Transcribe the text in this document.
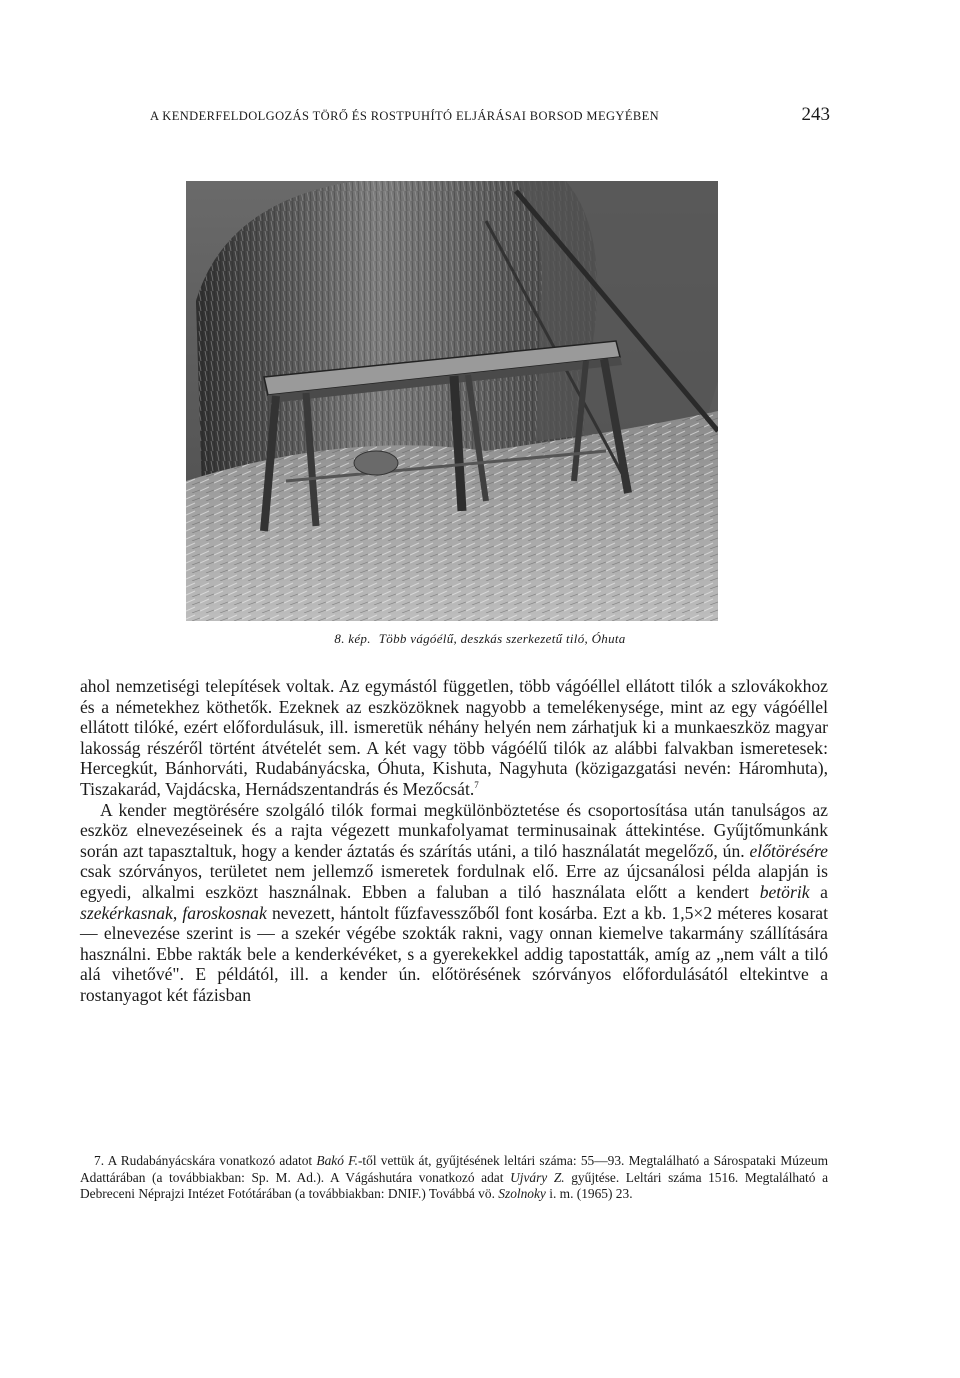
A KENDERFELDOLGOZÁS TÖRŐ ÉS ROSTPUHÍTÓ ELJÁRÁSAI BORSOD MEGYÉBEN	243
8. kép. Több vágóélű, deszkás szerkezetű tiló, Óhuta

ahol nemzetiségi telepítések voltak. Az egymástól független, több vágóéllel ellátott tilók a szlovákokhoz és a németekhez köthetők. Ezeknek az eszközöknek nagyobb a temelékenysége, mint az egy vágóéllel ellátott tilóké, ezért előfordulásuk, ill. ismeretük néhány helyén nem zárhatjuk ki a munkaeszköz magyar lakosság részéről történt átvételét sem. A két vagy több vágóélű tilók az alábbi falvakban ismeretesek: Hercegkút, Bánhorváti, Rudabányácska, Óhuta, Kishuta, Nagyhuta (közigazgatási nevén: Háromhuta), Tiszakarád, Vajdácska, Hernádszentandrás és Mezőcsát.$^7$

A kender megtörésére szolgáló tilók formai megkülönböztetése és csoportosítása után tanulságos az eszköz elnevezéseinek és a rajta végezett munkafolyamat terminusainak áttekintése. Gyűjtőmunkánk során azt tapasztaltuk, hogy a kender áztatás és szárítás utáni, a tiló használatát megelőző, ún. előtörésére csak szórványos, területet nem jellemző ismeretek fordulnak elő. Erre az újcsanálosi példa alapján is egyedi, alkalmi eszközt használnak. Ebben a faluban a tiló használata előtt a kendert betörik a szekérkasnak, faroskosnak nevezett, hántolt fűzfavesszőből font kosárba. Ezt a kb. 1,5×2 méteres kosarat — elnevezése szerint is — a szekér végébe szokták rakni, vagy onnan kiemelve takarmány szállítására használni. Ebbe rakták bele a kenderkévéket, s a gyerekekkel addig tapostatták, amíg az „nem vált a tiló alá vihetővé". E példától, ill. a kender ún. előtörésének szórványos előfordulásától eltekintve a rostanyagot két fázisban

7. A Rudabányácskára vonatkozó adatot Bakó F.-től vettük át, gyűjtésének leltári száma: 55—93. Megtalálható a Sárospataki Múzeum Adattárában (a továbbiakban: Sp. M. Ad.). A Vágáshutára vonatkozó adat Ujváry Z. gyűjtése. Leltári száma 1516. Megtalálható a Debreceni Néprajzi Intézet Fotótárában (a továbbiakban: DNIF.) Továbbá vö. Szolnoky i. m. (1965) 23.
